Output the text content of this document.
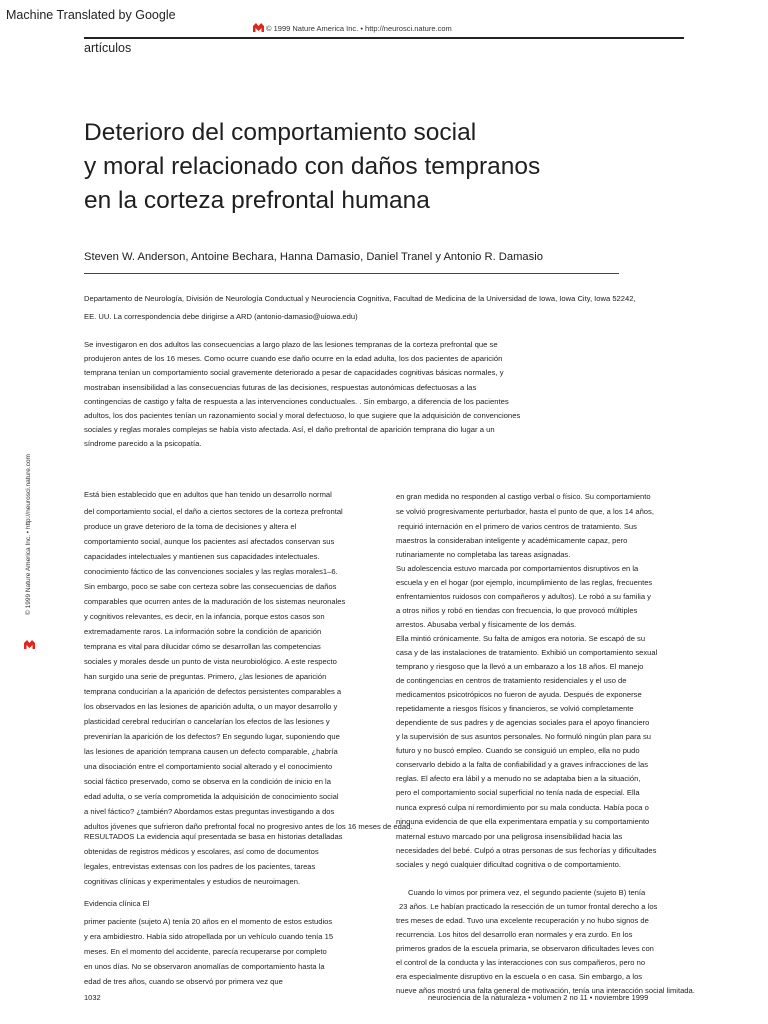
Machine Translated by Google
© 1999 Nature America Inc. • http://neurosci.nature.com
artículos
Deterioro del comportamiento social
y moral relacionado con daños tempranos
en la corteza prefrontal humana
Steven W. Anderson, Antoine Bechara, Hanna Damasio, Daniel Tranel y Antonio R. Damasio
Departamento de Neurología, División de Neurología Conductual y Neurociencia Cognitiva, Facultad de Medicina de la Universidad de Iowa, Iowa City, Iowa 52242,
EE. UU. La correspondencia debe dirigirse a ARD (antonio-damasio@uiowa.edu)
Se investigaron en dos adultos las consecuencias a largo plazo de las lesiones tempranas de la corteza prefrontal que se
produjeron antes de los 16 meses. Como ocurre cuando ese daño ocurre en la edad adulta, los dos pacientes de aparición
temprana tenían un comportamiento social gravemente deteriorado a pesar de capacidades cognitivas básicas normales, y
mostraban insensibilidad a las consecuencias futuras de las decisiones, respuestas autonómicas defectuosas a las
contingencias de castigo y falta de respuesta a las intervenciones conductuales. . Sin embargo, a diferencia de los pacientes
adultos, los dos pacientes tenían un razonamiento social y moral defectuoso, lo que sugiere que la adquisición de convenciones
sociales y reglas morales complejas se había visto afectada. Así, el daño prefrontal de aparición temprana dio lugar a un
síndrome parecido a la psicopatía.
© 1999 Nature America Inc. • http://neurosci.nature.com	Está bien establecido que en adultos que han tenido un desarrollo normal
del comportamiento social, el daño a ciertos sectores de la corteza prefrontal
produce un grave deterioro de la toma de decisiones y altera el
comportamiento social, aunque los pacientes así afectados conservan sus
capacidades intelectuales y mantienen sus capacidades intelectuales.
conocimiento fáctico de las convenciones sociales y las reglas morales1–6.
Sin embargo, poco se sabe con certeza sobre las consecuencias de daños
comparables que ocurren antes de la maduración de los sistemas neuronales
y cognitivos relevantes, es decir, en la infancia, porque estos casos son
extremadamente raros. La información sobre la condición de aparición
temprana es vital para dilucidar cómo se desarrollan las competencias
sociales y morales desde un punto de vista neurobiológico. A este respecto
han surgido una serie de preguntas. Primero, ¿las lesiones de aparición
temprana conducirían a la aparición de defectos persistentes comparables a
los observados en las lesiones de aparición adulta, o un mayor desarrollo y
plasticidad cerebral reducirían o cancelarían los efectos de las lesiones y
prevenirían la aparición de los defectos? En segundo lugar, suponiendo que
las lesiones de aparición temprana causen un defecto comparable, ¿habría
una disociación entre el comportamiento social alterado y el conocimiento
social fáctico preservado, como se observa en la condición de inicio en la
edad adulta, o se vería comprometida la adquisición de conocimiento social
a nivel fáctico? ¿también? Abordamos estas preguntas investigando a dos
adultos jóvenes que sufrieron daño prefrontal focal no progresivo antes de los 16 meses de edad.
RESULTADOS La evidencia aquí presentada se basa en historias detalladas
obtenidas de registros médicos y escolares, así como de documentos
legales, entrevistas extensas con los padres de los pacientes, tareas
cognitivas clínicas y experimentales y estudios de neuroimagen.
Evidencia clínica El
primer paciente (sujeto A) tenía 20 años en el momento de estos estudios
y era ambidiestro. Había sido atropellada por un vehículo cuando tenía 15
meses. En el momento del accidente, parecía recuperarse por completo
en unos días. No se observaron anomalías de comportamiento hasta la
edad de tres años, cuando se observó por primera vez que
en gran medida no responden al castigo verbal o físico. Su comportamiento
se volvió progresivamente perturbador, hasta el punto de que, a los 14 años,
requirió internación en el primero de varios centros de tratamiento. Sus
maestros la consideraban inteligente y académicamente capaz, pero
rutinariamente no completaba las tareas asignadas.
Su adolescencia estuvo marcada por comportamientos disruptivos en la
escuela y en el hogar (por ejemplo, incumplimiento de las reglas, frecuentes
enfrentamientos ruidosos con compañeros y adultos). Le robó a su familia y
a otros niños y robó en tiendas con frecuencia, lo que provocó múltiples
arrestos. Abusaba verbal y físicamente de los demás.
Ella mintió crónicamente. Su falta de amigos era notoria. Se escapó de su
casa y de las instalaciones de tratamiento. Exhibió un comportamiento sexual
temprano y riesgoso que la llevó a un embarazo a los 18 años. El manejo
de contingencias en centros de tratamiento residenciales y el uso de
medicamentos psicotrópicos no fueron de ayuda. Después de exponerse
repetidamente a riesgos físicos y financieros, se volvió completamente
dependiente de sus padres y de agencias sociales para el apoyo financiero
y la supervisión de sus asuntos personales. No formuló ningún plan para su
futuro y no buscó empleo. Cuando se consiguió un empleo, ella no pudo
conservarlo debido a la falta de confiabilidad y a graves infracciones de las
reglas. El afecto era lábil y a menudo no se adaptaba bien a la situación,
pero el comportamiento social superficial no tenía nada de especial. Ella
nunca expresó culpa ni remordimiento por su mala conducta. Había poca o
ninguna evidencia de que ella experimentara empatía y su comportamiento
maternal estuvo marcado por una peligrosa insensibilidad hacia las
necesidades del bebé. Culpó a otras personas de sus fechorías y dificultades
sociales y negó cualquier dificultad cognitiva o de comportamiento.
Cuando lo vimos por primera vez, el segundo paciente (sujeto B) tenía
23 años. Le habían practicado la resección de un tumor frontal derecho a los
tres meses de edad. Tuvo una excelente recuperación y no hubo signos de
recurrencia. Los hitos del desarrollo eran normales y era zurdo. En los
primeros grados de la escuela primaria, se observaron dificultades leves con
el control de la conducta y las interacciones con sus compañeros, pero no
era especialmente disruptivo en la escuela o en casa. Sin embargo, a los
nueve años mostró una falta general de motivación, tenía una interacción social limitada.
1032	neurociencia de la naturaleza • volumen 2 no 11 • noviembre 1999
